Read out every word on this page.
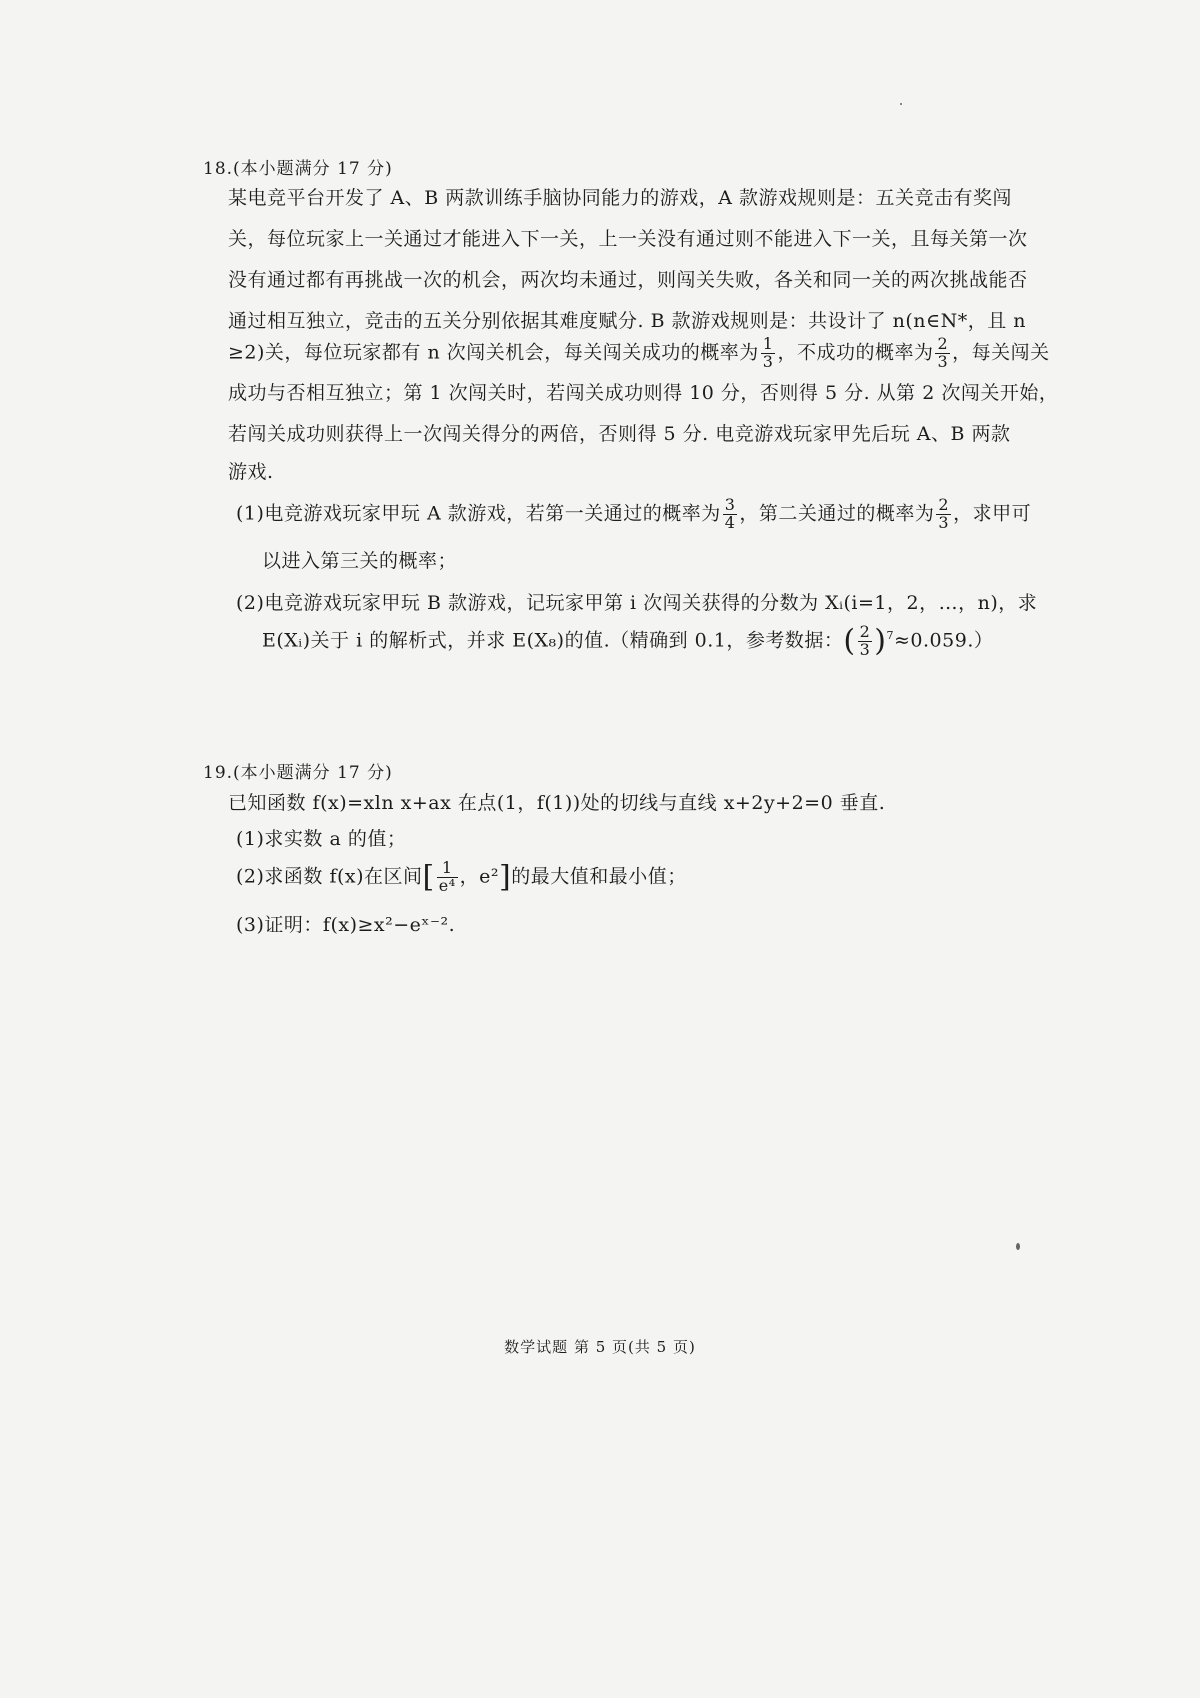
18.(本小题满分 17 分)
某电竞平台开发了 A、B 两款训练手脑协同能力的游戏，A 款游戏规则是：五关竞击有奖闯
关，每位玩家上一关通过才能进入下一关，上一关没有通过则不能进入下一关，且每关第一次
没有通过都有再挑战一次的机会，两次均未通过，则闯关失败，各关和同一关的两次挑战能否
通过相互独立，竞击的五关分别依据其难度赋分. B 款游戏规则是：共设计了 n(n∈N*，且 n
≥2)关，每位玩家都有 n 次闯关机会，每关闯关成功的概率为 $\frac{1}{3}$ ，不成功的概率为 $\frac{2}{3}$ ，每关闯关
成功与否相互独立；第 1 次闯关时，若闯关成功则得 10 分，否则得 5 分. 从第 2 次闯关开始，
若闯关成功则获得上一次闯关得分的两倍，否则得 5 分. 电竞游戏玩家甲先后玩 A、B 两款
游戏.
(1)电竞游戏玩家甲玩 A 款游戏，若第一关通过的概率为 $\frac{3}{4}$ ，第二关通过的概率为 $\frac{2}{3}$ ，求甲可
以进入第三关的概率；
(2)电竞游戏玩家甲玩 B 款游戏，记玩家甲第 i 次闯关获得的分数为 Xᵢ(i=1，2，…，n)，求
E(Xᵢ)关于 i 的解析式，并求 E(X₈)的值.（精确到 0.1，参考数据：( $\frac{2}{3} )^7\approx 0.059$.）
19.(本小题满分 17 分)
已知函数 f(x)=xln x+ax 在点(1，f(1))处的切线与直线 x+2y+2=0 垂直.
(1)求实数 a 的值；
(2)求函数 f(x)在区间[ $\frac{1}{\text{e⁴}}$ ，e²]的最大值和最小值；
(3)证明：f(x)≥x²−eˣ⁻².
数学试题 第 5 页(共 5 页)
